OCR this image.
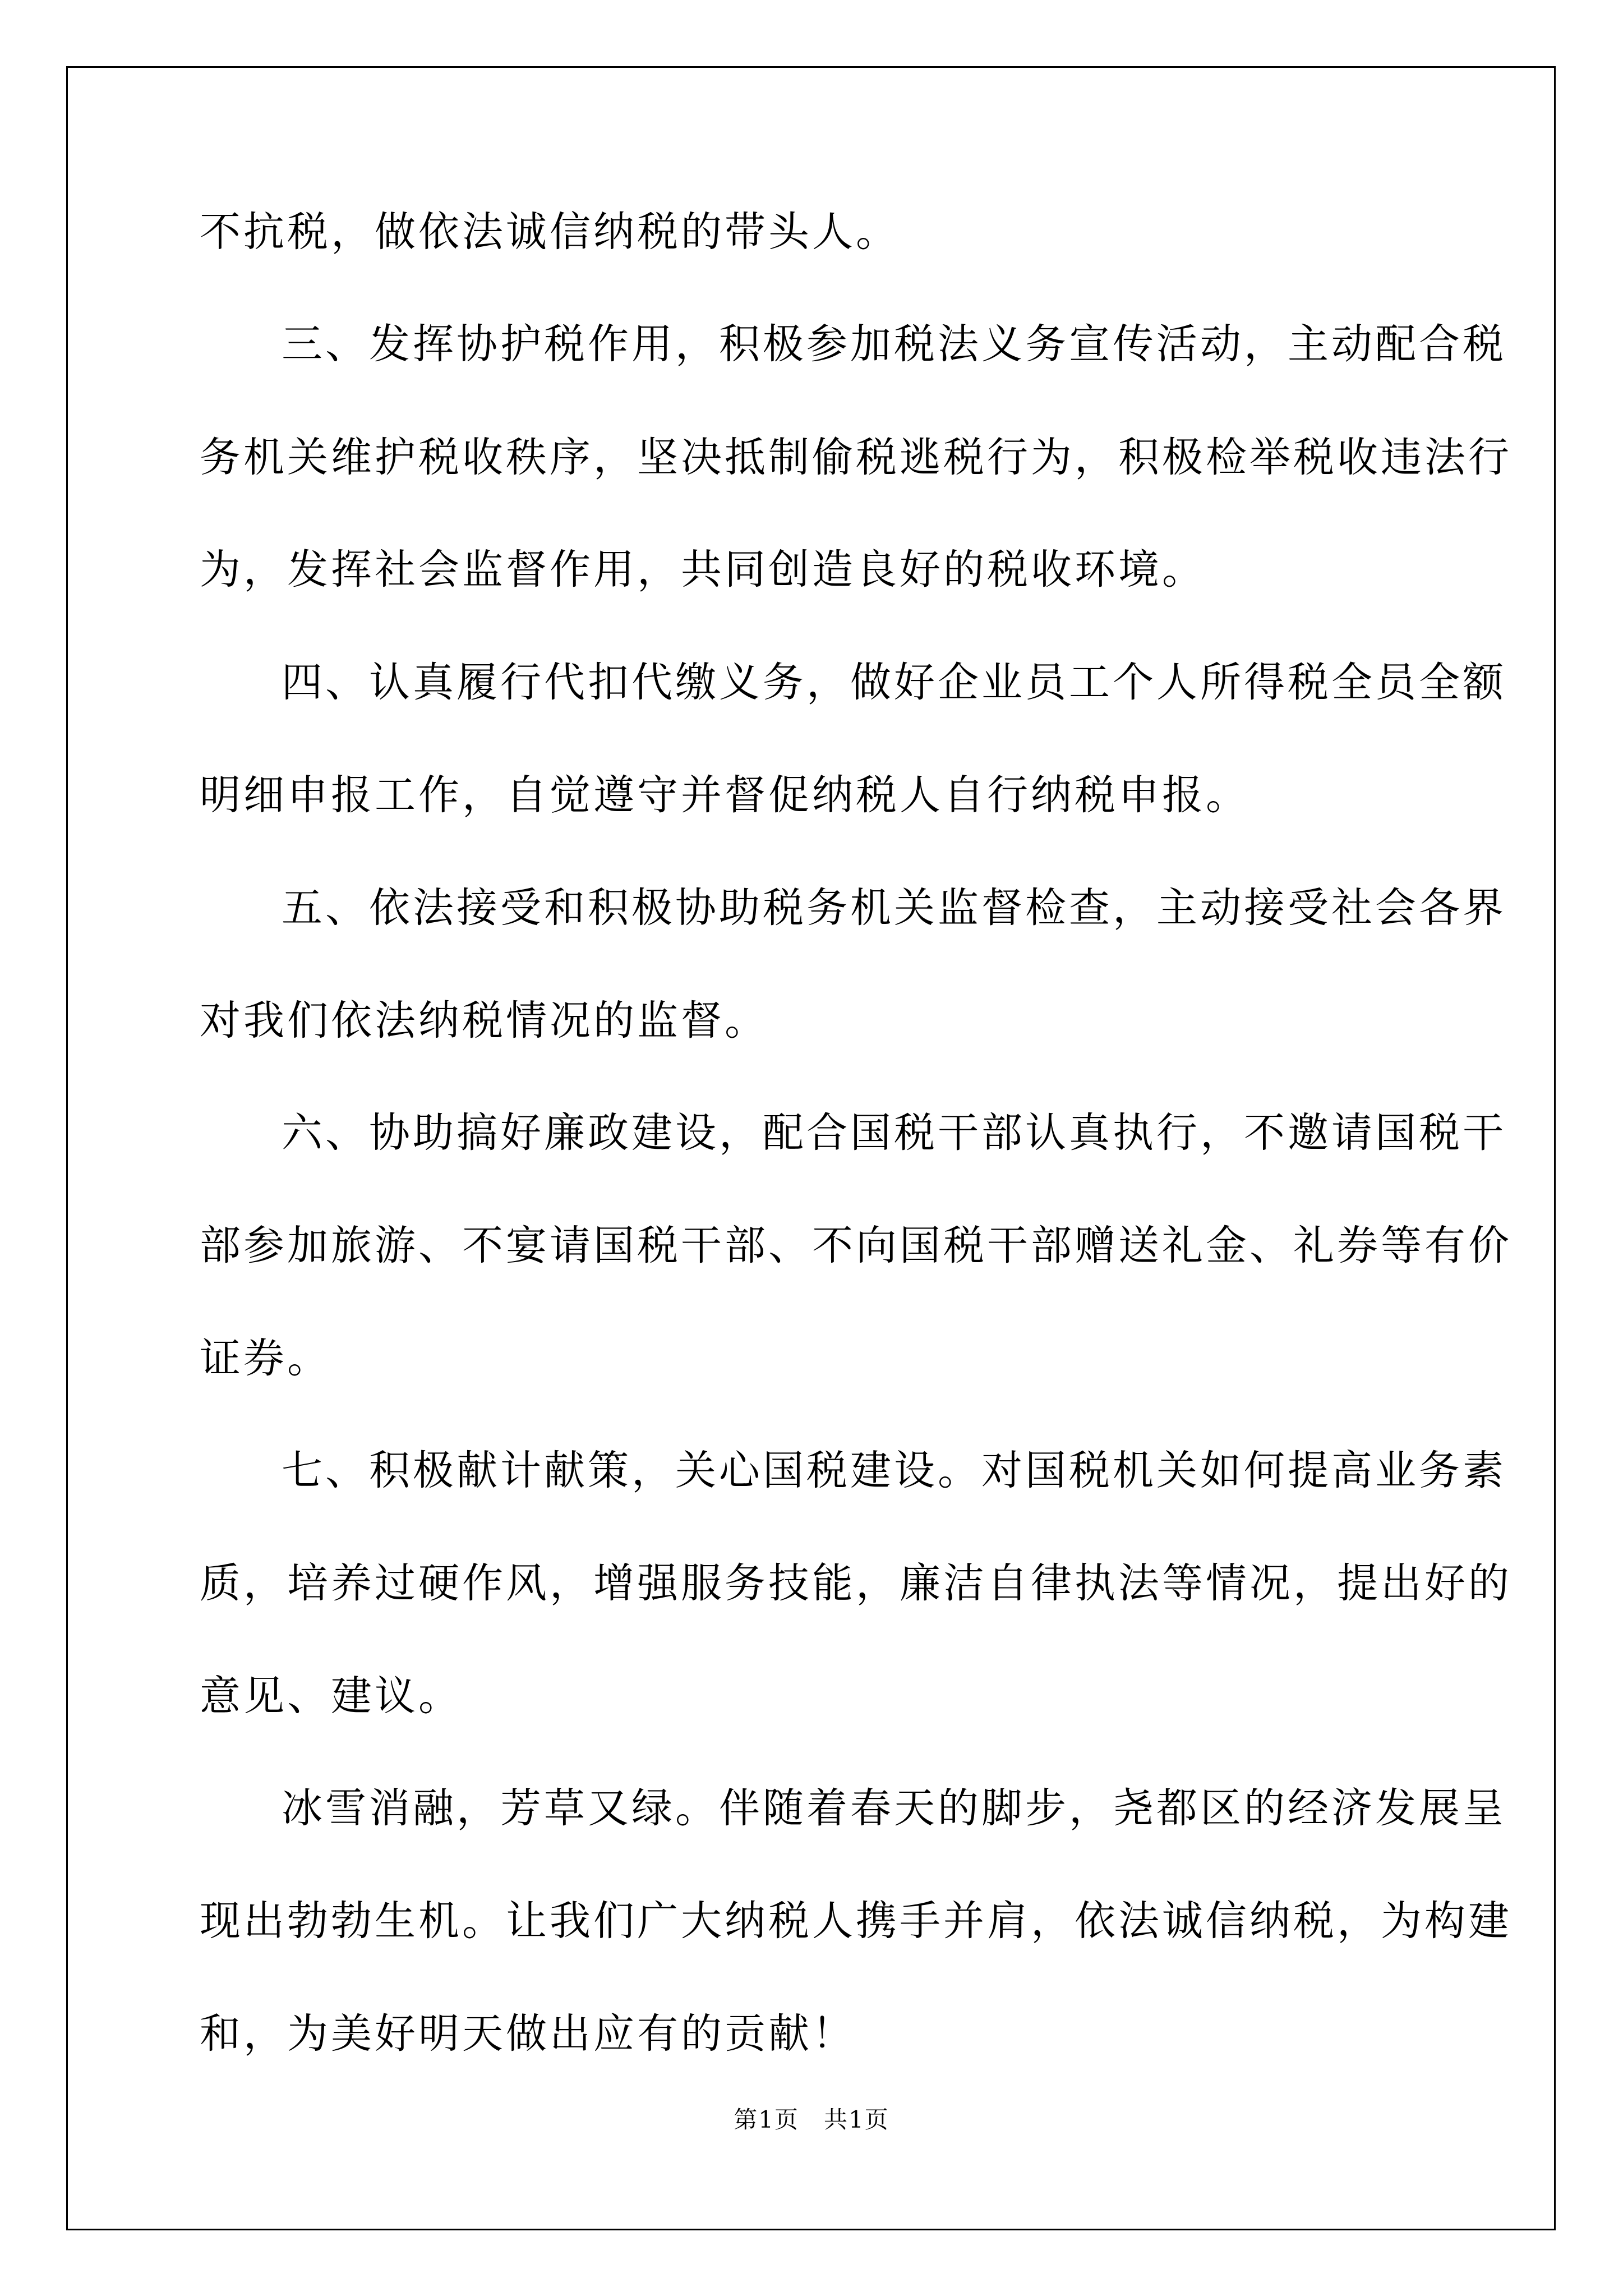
不抗税，做依法诚信纳税的带头人。
三、发挥协护税作用，积极参加税法义务宣传活动，主动配合税
务机关维护税收秩序，坚决抵制偷税逃税行为，积极检举税收违法行
为，发挥社会监督作用，共同创造良好的税收环境。
四、认真履行代扣代缴义务，做好企业员工个人所得税全员全额
明细申报工作，自觉遵守并督促纳税人自行纳税申报。
五、依法接受和积极协助税务机关监督检查，主动接受社会各界
对我们依法纳税情况的监督。
六、协助搞好廉政建设，配合国税干部认真执行，不邀请国税干
部参加旅游、不宴请国税干部、不向国税干部赠送礼金、礼券等有价
证券。
七、积极献计献策，关心国税建设。对国税机关如何提高业务素
质，培养过硬作风，增强服务技能，廉洁自律执法等情况，提出好的
意见、建议。
冰雪消融，芳草又绿。伴随着春天的脚步，尧都区的经济发展呈
现出勃勃生机。让我们广大纳税人携手并肩，依法诚信纳税，为构建
和，为美好明天做出应有的贡献！
第1页　共1页
